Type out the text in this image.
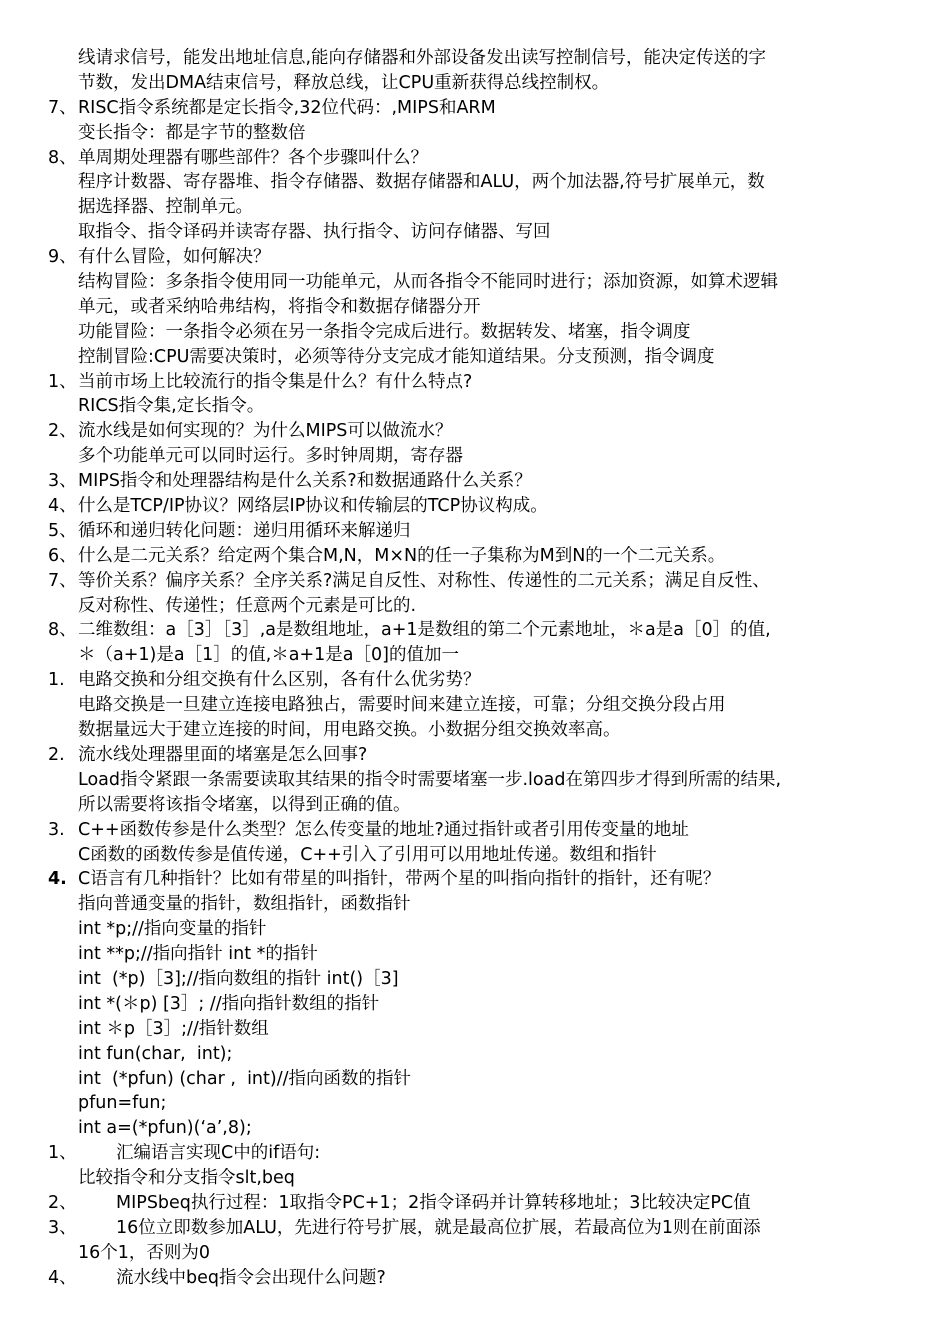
线请求信号，能发出地址信息,能向存储器和外部设备发出读写控制信号，能决定传送的字
节数，发出DMA结束信号，释放总线，让CPU重新获得总线控制权。
7、 RISC指令系统都是定长指令,32位代码：,MIPS和ARM
变长指令：都是字节的整数倍
8、 单周期处理器有哪些部件？各个步骤叫什么？
程序计数器、寄存器堆、指令存储器、数据存储器和ALU，两个加法器,符号扩展单元，数
据选择器、控制单元。
取指令、指令译码并读寄存器、执行指令、访问存储器、写回
9、 有什么冒险，如何解决？
结构冒险：多条指令使用同一功能单元，从而各指令不能同时进行；添加资源，如算术逻辑
单元，或者采纳哈弗结构，将指令和数据存储器分开
功能冒险：一条指令必须在另一条指令完成后进行。数据转发、堵塞，指令调度
控制冒险:CPU需要决策时，必须等待分支完成才能知道结果。分支预测，指令调度
1、 当前市场上比较流行的指令集是什么？有什么特点?
RICS指令集,定长指令。
2、 流水线是如何实现的？为什么MIPS可以做流水？
多个功能单元可以同时运行。多时钟周期，寄存器
3、 MIPS指令和处理器结构是什么关系?和数据通路什么关系？
4、 什么是TCP/IP协议？网络层IP协议和传输层的TCP协议构成。
5、 循环和递归转化问题：递归用循环来解递归
6、 什么是二元关系？给定两个集合M,N，M×N的任一子集称为M到N的一个二元关系。
7、 等价关系？偏序关系？全序关系?满足自反性、对称性、传递性的二元关系；满足自反性、
反对称性、传递性；任意两个元素是可比的.
8、 二维数组：a［3］［3］,a是数组地址，a+1是数组的第二个元素地址，＊a是a［0］的值,
＊（a+1)是a［1］的值,＊a+1是a［0]的值加一
1. 电路交换和分组交换有什么区别，各有什么优劣势？
电路交换是一旦建立连接电路独占，需要时间来建立连接，可靠；分组交换分段占用
数据量远大于建立连接的时间，用电路交换。小数据分组交换效率高。
2. 流水线处理器里面的堵塞是怎么回事?
Load指令紧跟一条需要读取其结果的指令时需要堵塞一步.load在第四步才得到所需的结果,
所以需要将该指令堵塞，以得到正确的值。
3. C++函数传参是什么类型？怎么传变量的地址?通过指针或者引用传变量的地址
C函数的函数传参是值传递，C++引入了引用可以用地址传递。数组和指针
4. C语言有几种指针？比如有带星的叫指针，带两个星的叫指向指针的指针，还有呢？
指向普通变量的指针，数组指针，函数指针
int *p;//指向变量的指针
int **p;//指向指针 int *的指针
int  (*p)［3];//指向数组的指针 int()［3]
int *(＊p) [3］; //指向指针数组的指针
int ＊p［3］;//指针数组
int fun(char,  int);
int  (*pfun) (char ,  int)//指向函数的指针
pfun=fun;
int a=(*pfun)(‘a’,8);
1、 汇编语言实现C中的if语句:
比较指令和分支指令slt,beq
2、 MIPSbeq执行过程：1取指令PC+1；2指令译码并计算转移地址；3比较决定PC值
3、 16位立即数参加ALU，先进行符号扩展，就是最高位扩展，若最高位为1则在前面添
16个1，否则为0
4、 流水线中beq指令会出现什么问题?
